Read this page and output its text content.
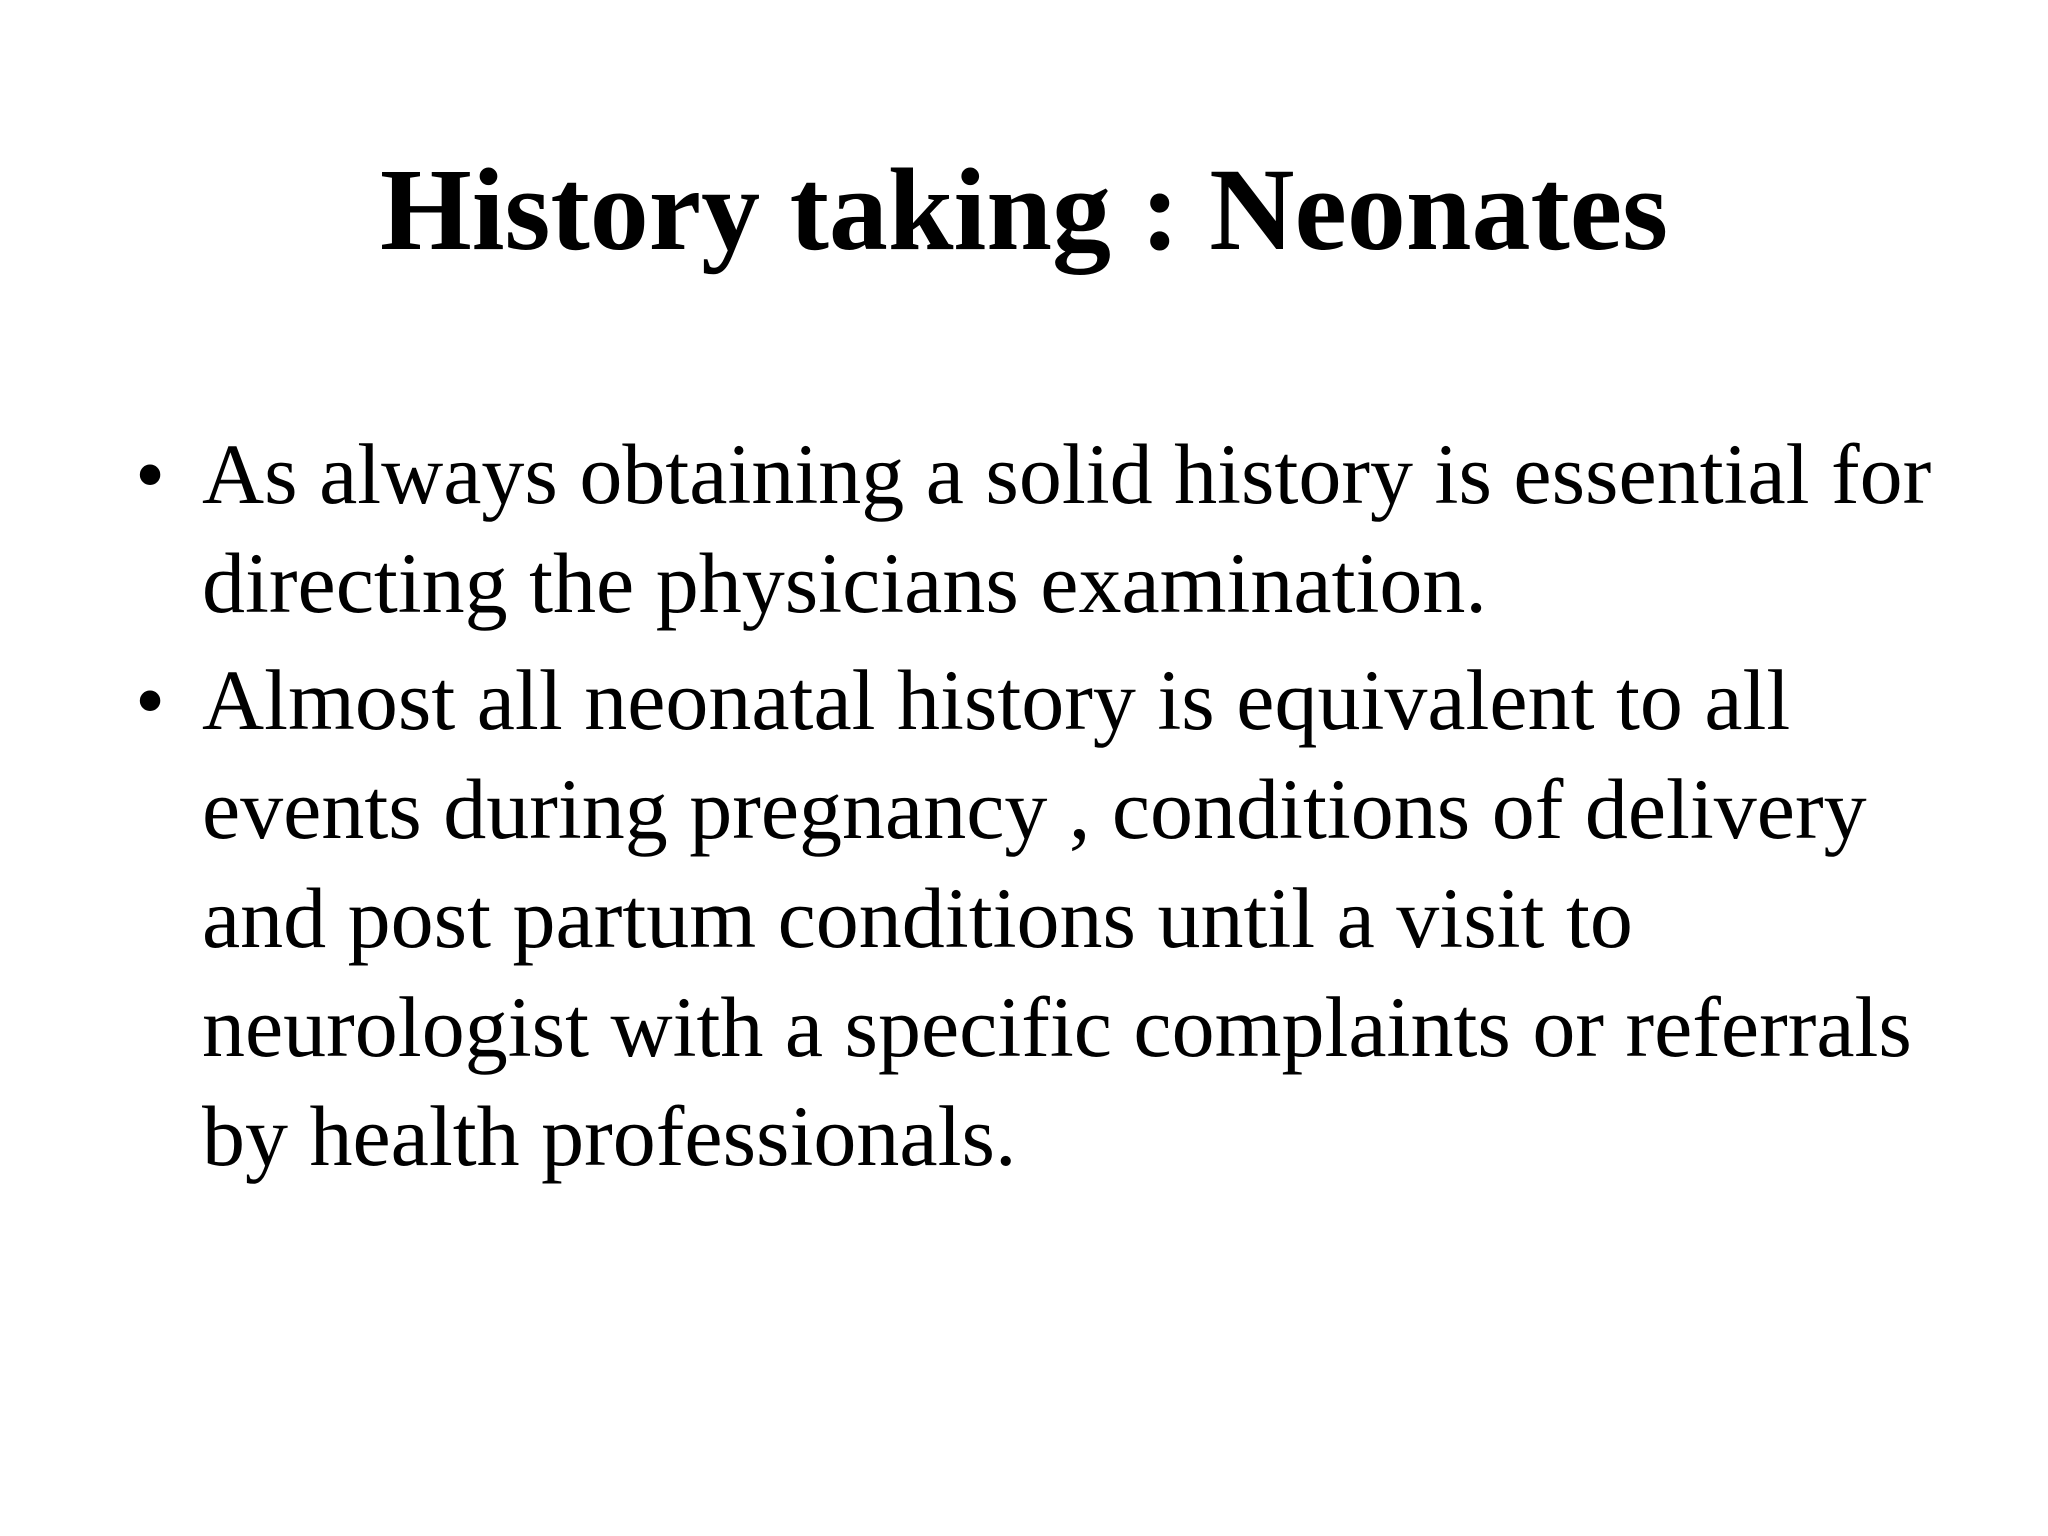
History taking : Neonates
• As always obtaining a solid history is essential for directing the physicians examination.
• Almost all neonatal history is equivalent to all events during pregnancy , conditions of delivery and post partum conditions until a visit to neurologist with a specific complaints or referrals by health professionals.
